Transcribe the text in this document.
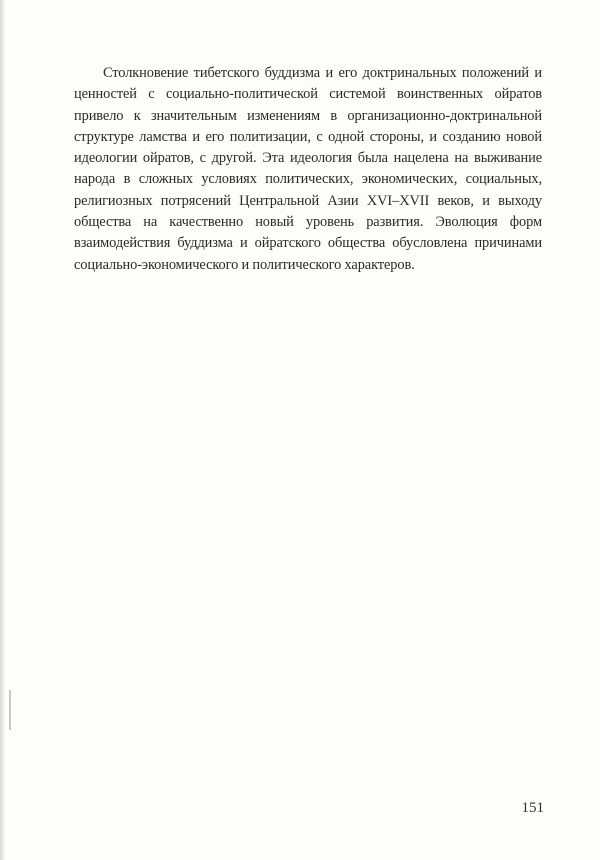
Столкновение тибетского буддизма и его доктринальных положений и ценностей с социально-политической системой воинственных ойратов привело к значительным изменениям в организационно-доктринальной структуре ламства и его политизации, с одной стороны, и созданию новой идеологии ойратов, с другой. Эта идеология была нацелена на выживание народа в сложных условиях политических, экономических, социальных, религиозных потрясений Центральной Азии XVI–XVII веков, и выходу общества на качественно новый уровень развития. Эволюция форм взаимодействия буддизма и ойратского общества обусловлена причинами социально-экономического и политического характеров.

151
